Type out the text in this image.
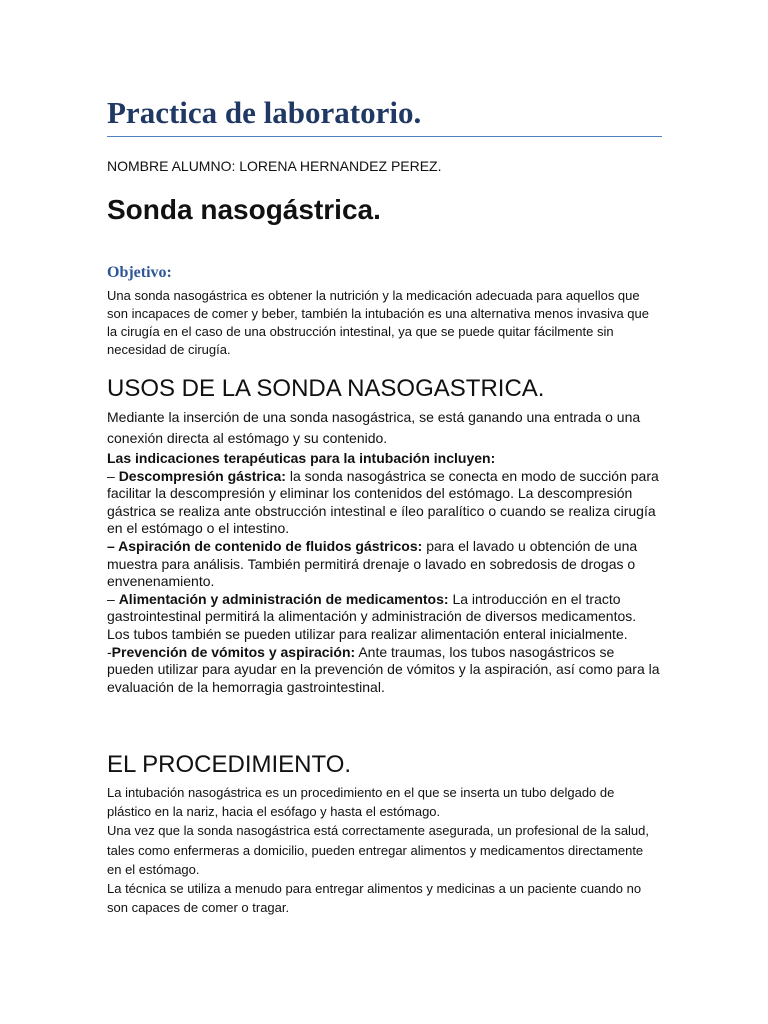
Practica de laboratorio.
NOMBRE ALUMNO: LORENA HERNANDEZ PEREZ.
Sonda nasogástrica.
Objetivo:

Una sonda nasogástrica es obtener la nutrición y la medicación adecuada para aquellos que son incapaces de comer y beber, también la intubación es una alternativa menos invasiva que la cirugía en el caso de una obstrucción intestinal, ya que se puede quitar fácilmente sin necesidad de cirugía.

USOS DE LA SONDA NASOGASTRICA.

Mediante la inserción de una sonda nasogástrica, se está ganando una entrada o una conexión directa al estómago y su contenido.

Las indicaciones terapéuticas para la intubación incluyen:

– Descompresión gástrica: la sonda nasogástrica se conecta en modo de succión para facilitar la descompresión y eliminar los contenidos del estómago. La descompresión gástrica se realiza ante obstrucción intestinal e íleo paralítico o cuando se realiza cirugía en el estómago o el intestino.

– Aspiración de contenido de fluidos gástricos: para el lavado u obtención de una muestra para análisis. También permitirá drenaje o lavado en sobredosis de drogas o envenenamiento.

– Alimentación y administración de medicamentos: La introducción en el tracto gastrointestinal permitirá la alimentación y administración de diversos medicamentos. Los tubos también se pueden utilizar para realizar alimentación enteral inicialmente.

-Prevención de vómitos y aspiración: Ante traumas, los tubos nasogástricos se pueden utilizar para ayudar en la prevención de vómitos y la aspiración, así como para la evaluación de la hemorragia gastrointestinal.

EL PROCEDIMIENTO.

La intubación nasogástrica es un procedimiento en el que se inserta un tubo delgado de plástico en la nariz, hacia el esófago y hasta el estómago.

Una vez que la sonda nasogástrica está correctamente asegurada, un profesional de la salud, tales como enfermeras a domicilio, pueden entregar alimentos y medicamentos directamente en el estómago.

La técnica se utiliza a menudo para entregar alimentos y medicinas a un paciente cuando no son capaces de comer o tragar.
